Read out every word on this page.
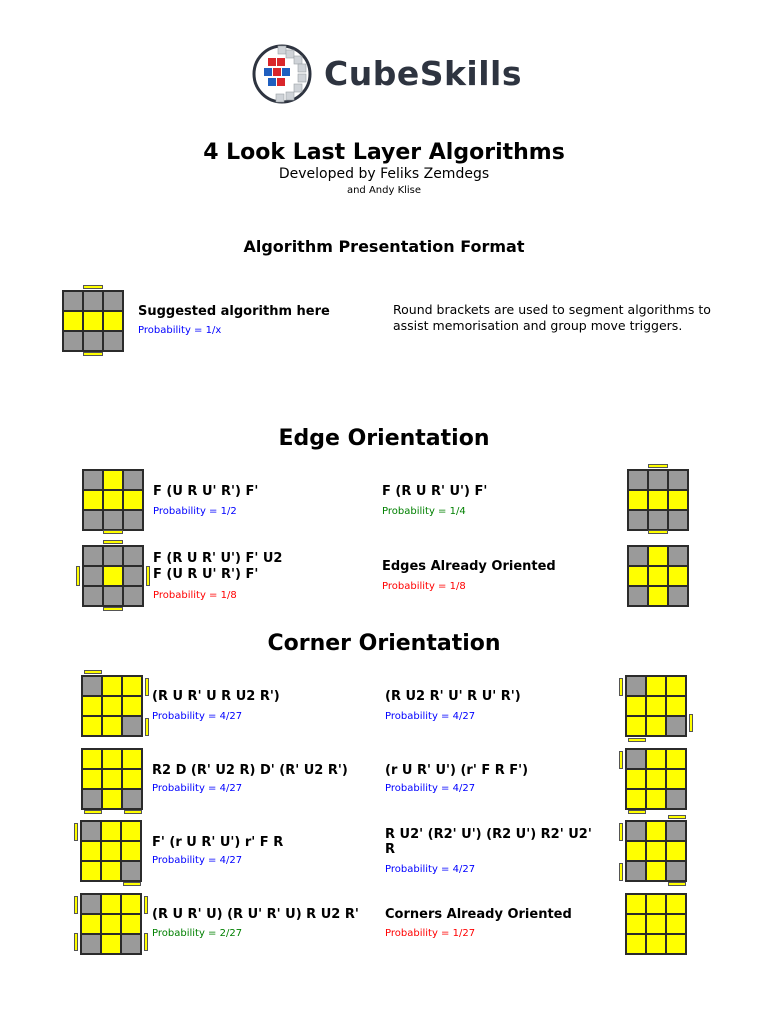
CubeSkills
4 Look Last Layer Algorithms
Developed by Feliks Zemdegs
and Andy Klise
Algorithm Presentation Format
Suggested algorithm here
Probability = 1/x
Round brackets are used to segment algorithms to
assist memorisation and group move triggers.
Edge Orientation
F (U R U' R') F'
Probability = 1/2
F (R U R' U') F'
Probability = 1/4
F (R U R' U') F' U2
F (U R U' R') F'
Probability = 1/8
Edges Already Oriented
Probability = 1/8
Corner Orientation
(R U R' U R U2 R')
Probability = 4/27
(R U2 R' U' R U' R')
Probability = 4/27
R2 D (R' U2 R) D' (R' U2 R')
Probability = 4/27
(r U R' U') (r' F R F')
Probability = 4/27
F' (r U R' U') r' F R
Probability = 4/27
R U2' (R2' U') (R2 U') R2' U2'
R
Probability = 4/27
(R U R' U) (R U' R' U) R U2 R'
Probability = 2/27
Corners Already Oriented
Probability = 1/27
